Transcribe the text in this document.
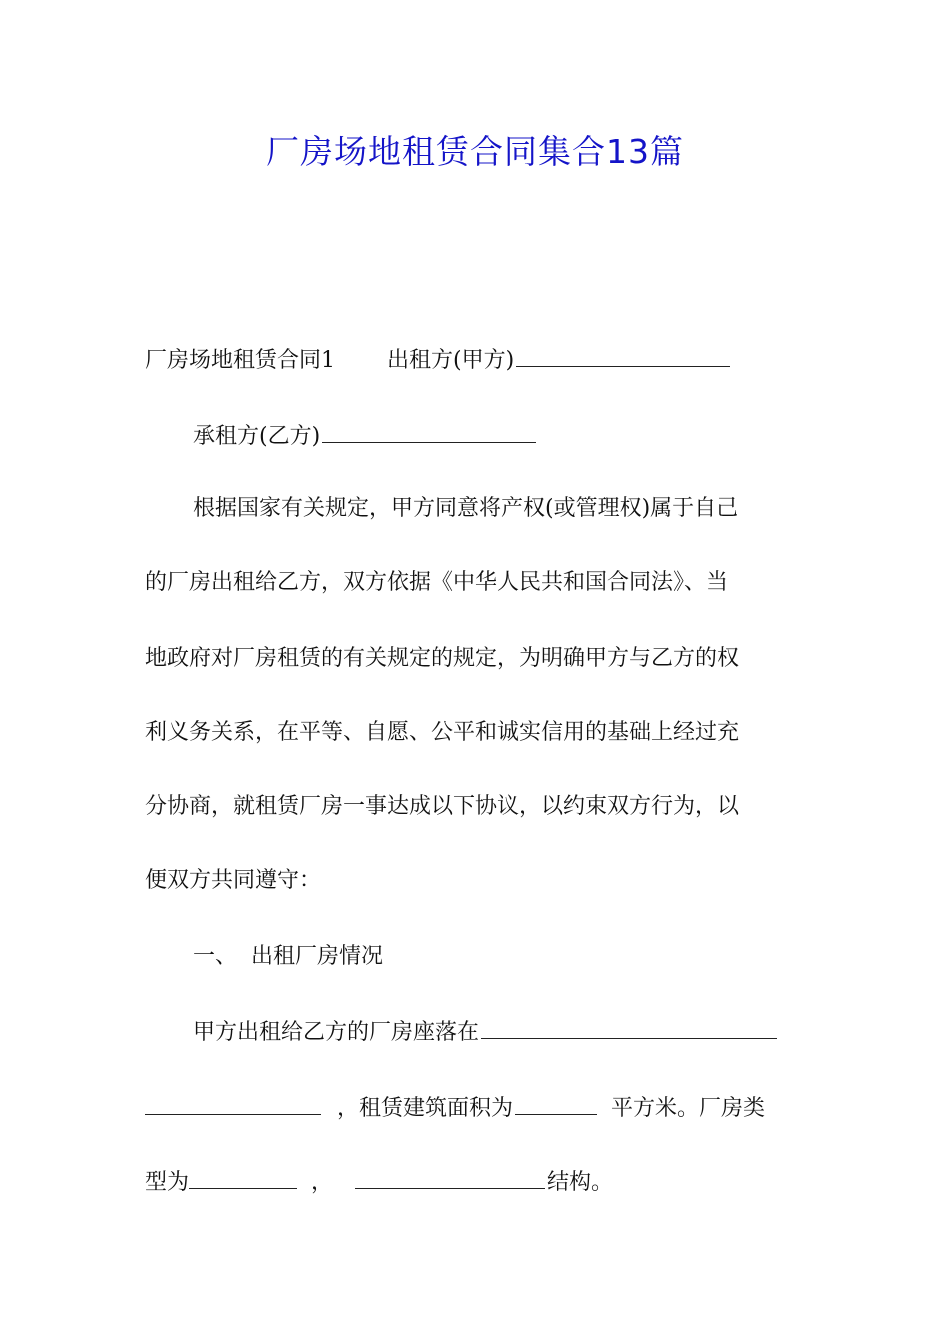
厂房场地租赁合同集合13篇
厂房场地租赁合同1 出租方(甲方)
承租方(乙方)
根据国家有关规定，甲方同意将产权(或管理权)属于自己
的厂房出租给乙方，双方依据《中华人民共和国合同法》、当
地政府对厂房租赁的有关规定的规定，为明确甲方与乙方的权
利义务关系，在平等、自愿、公平和诚实信用的基础上经过充
分协商，就租赁厂房一事达成以下协议，以约束双方行为，以
便双方共同遵守：
一、  出租厂房情况
甲方出租给乙方的厂房座落在
，租赁建筑面积为	平方米。厂房类
型为	，	结构。
